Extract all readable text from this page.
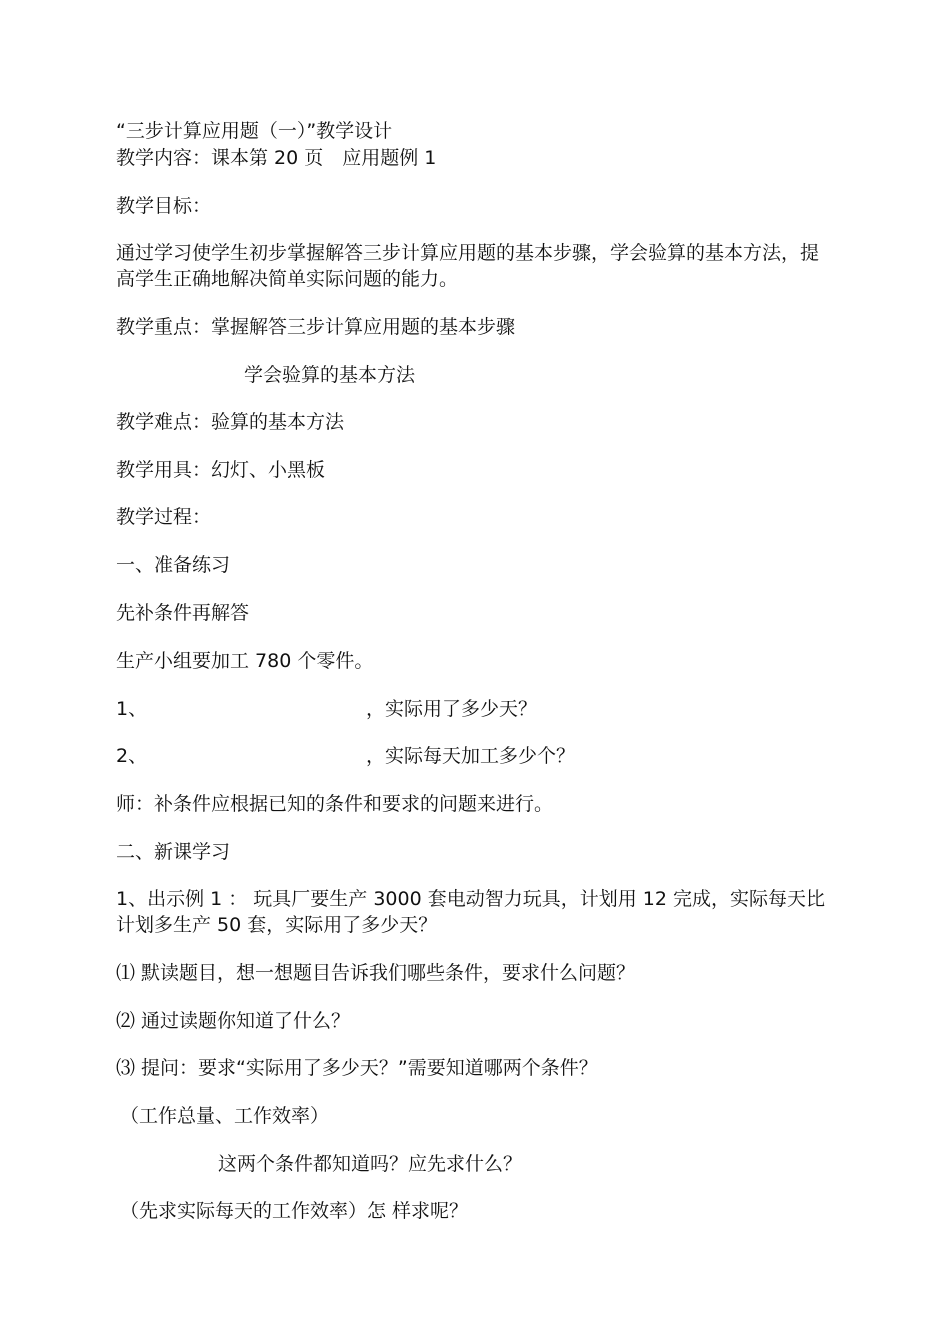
“三步计算应用题（一）”教学设计
教学内容：课本第 20 页　应用题例 1
教学目标：
通过学习使学生初步掌握解答三步计算应用题的基本步骤，学会验算的基本方法，提高学生正确地解决简单实际问题的能力。
教学重点：掌握解答三步计算应用题的基本步骤
学会验算的基本方法
教学难点：验算的基本方法
教学用具：幻灯、小黑板
教学过程：
一、准备练习
先补条件再解答
生产小组要加工 780 个零件。
1、	，实际用了多少天？
2、	，实际每天加工多少个？
师：补条件应根据已知的条件和要求的问题来进行。
二、新课学习
1、出示例 1 ： 玩具厂要生产 3000 套电动智力玩具，计划用 12 完成，实际每天比计划多生产 50 套，实际用了多少天？
⑴ 默读题目，想一想题目告诉我们哪些条件，要求什么问题？
⑵ 通过读题你知道了什么？
⑶ 提问：要求“实际用了多少天？”需要知道哪两个条件？
（工作总量、工作效率）
这两个条件都知道吗？应先求什么？
（先求实际每天的工作效率）怎 样求呢？
